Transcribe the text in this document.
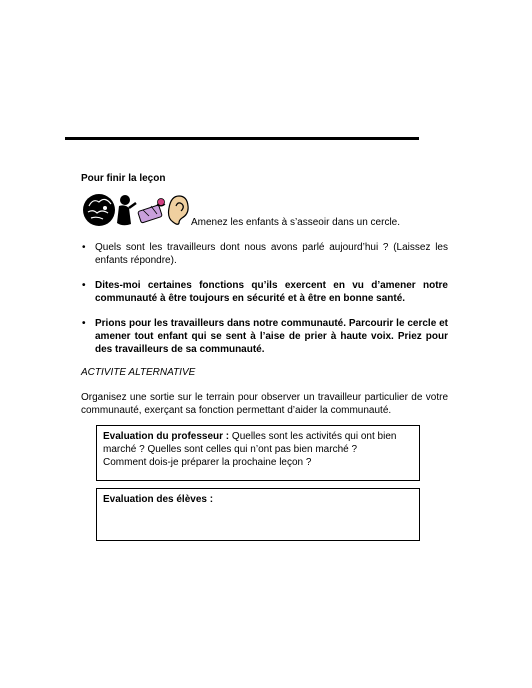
Pour finir la leçon
Amenez les enfants à s’asseoir dans un cercle.
• Quels sont les travailleurs dont nous avons parlé aujourd’hui ? (Laissez les enfants répondre).
• Dites-moi certaines fonctions qu’ils exercent en vu d’amener notre communauté à être toujours en sécurité et à être en bonne santé.
• Prions pour les travailleurs dans notre communauté. Parcourir le cercle et amener tout enfant qui se sent à l’aise de prier à haute voix. Priez pour des travailleurs de sa communauté.
ACTIVITE ALTERNATIVE
Organisez une sortie sur le terrain pour observer un travailleur particulier de votre communauté, exerçant sa fonction permettant d’aider la communauté.
Evaluation du professeur : Quelles sont les activités qui ont bien marché ? Quelles sont celles qui n’ont pas bien marché ?
Comment dois-je préparer la prochaine leçon ?
Evaluation des élèves :
